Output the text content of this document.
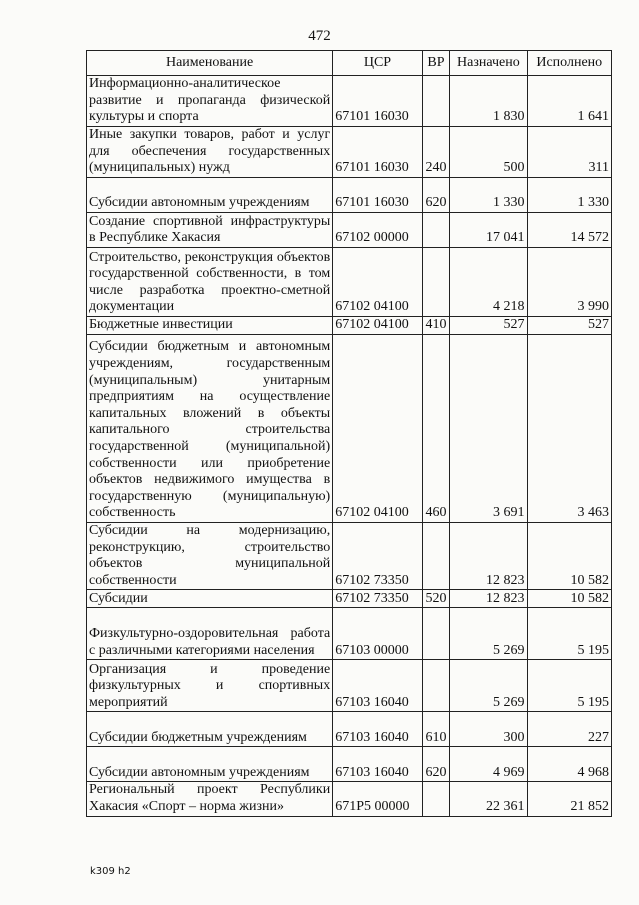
472
Наименование	ЦСР	ВР	Назначено	Исполнено
Информационно-аналитическое развитие и пропаганда физической культуры и спорта	67101 16030		1 830	1 641
Иные закупки товаров, работ и услуг для обеспечения государственных (муниципальных) нужд	67101 16030	240	500	311
Субсидии автономным учреждениям	67101 16030	620	1 330	1 330
Создание спортивной инфраструктуры в Республике Хакасия	67102 00000		17 041	14 572
Строительство, реконструкция объектов государственной собственности, в том числе разработка проектно-сметной документации	67102 04100		4 218	3 990
Бюджетные инвестиции	67102 04100	410	527	527
Субсидии бюджетным и автономным учреждениям, государственным (муниципальным) унитарным предприятиям на осуществление капитальных вложений в объекты капитального строительства государственной (муниципальной) собственности или приобретение объектов недвижимого имущества в государственную (муниципальную) собственность	67102 04100	460	3 691	3 463
Субсидии на модернизацию, реконструкцию, строительство объектов муниципальной собственности	67102 73350		12 823	10 582
Субсидии	67102 73350	520	12 823	10 582
Физкультурно-оздоровительная работа с различными категориями населения	67103 00000		5 269	5 195
Организация и проведение физкультурных и спортивных мероприятий	67103 16040		5 269	5 195
Субсидии бюджетным учреждениям	67103 16040	610	300	227
Субсидии автономным учреждениям	67103 16040	620	4 969	4 968
Региональный проект Республики Хакасия «Спорт – норма жизни»	671P5 00000		22 361	21 852
k309 h2
